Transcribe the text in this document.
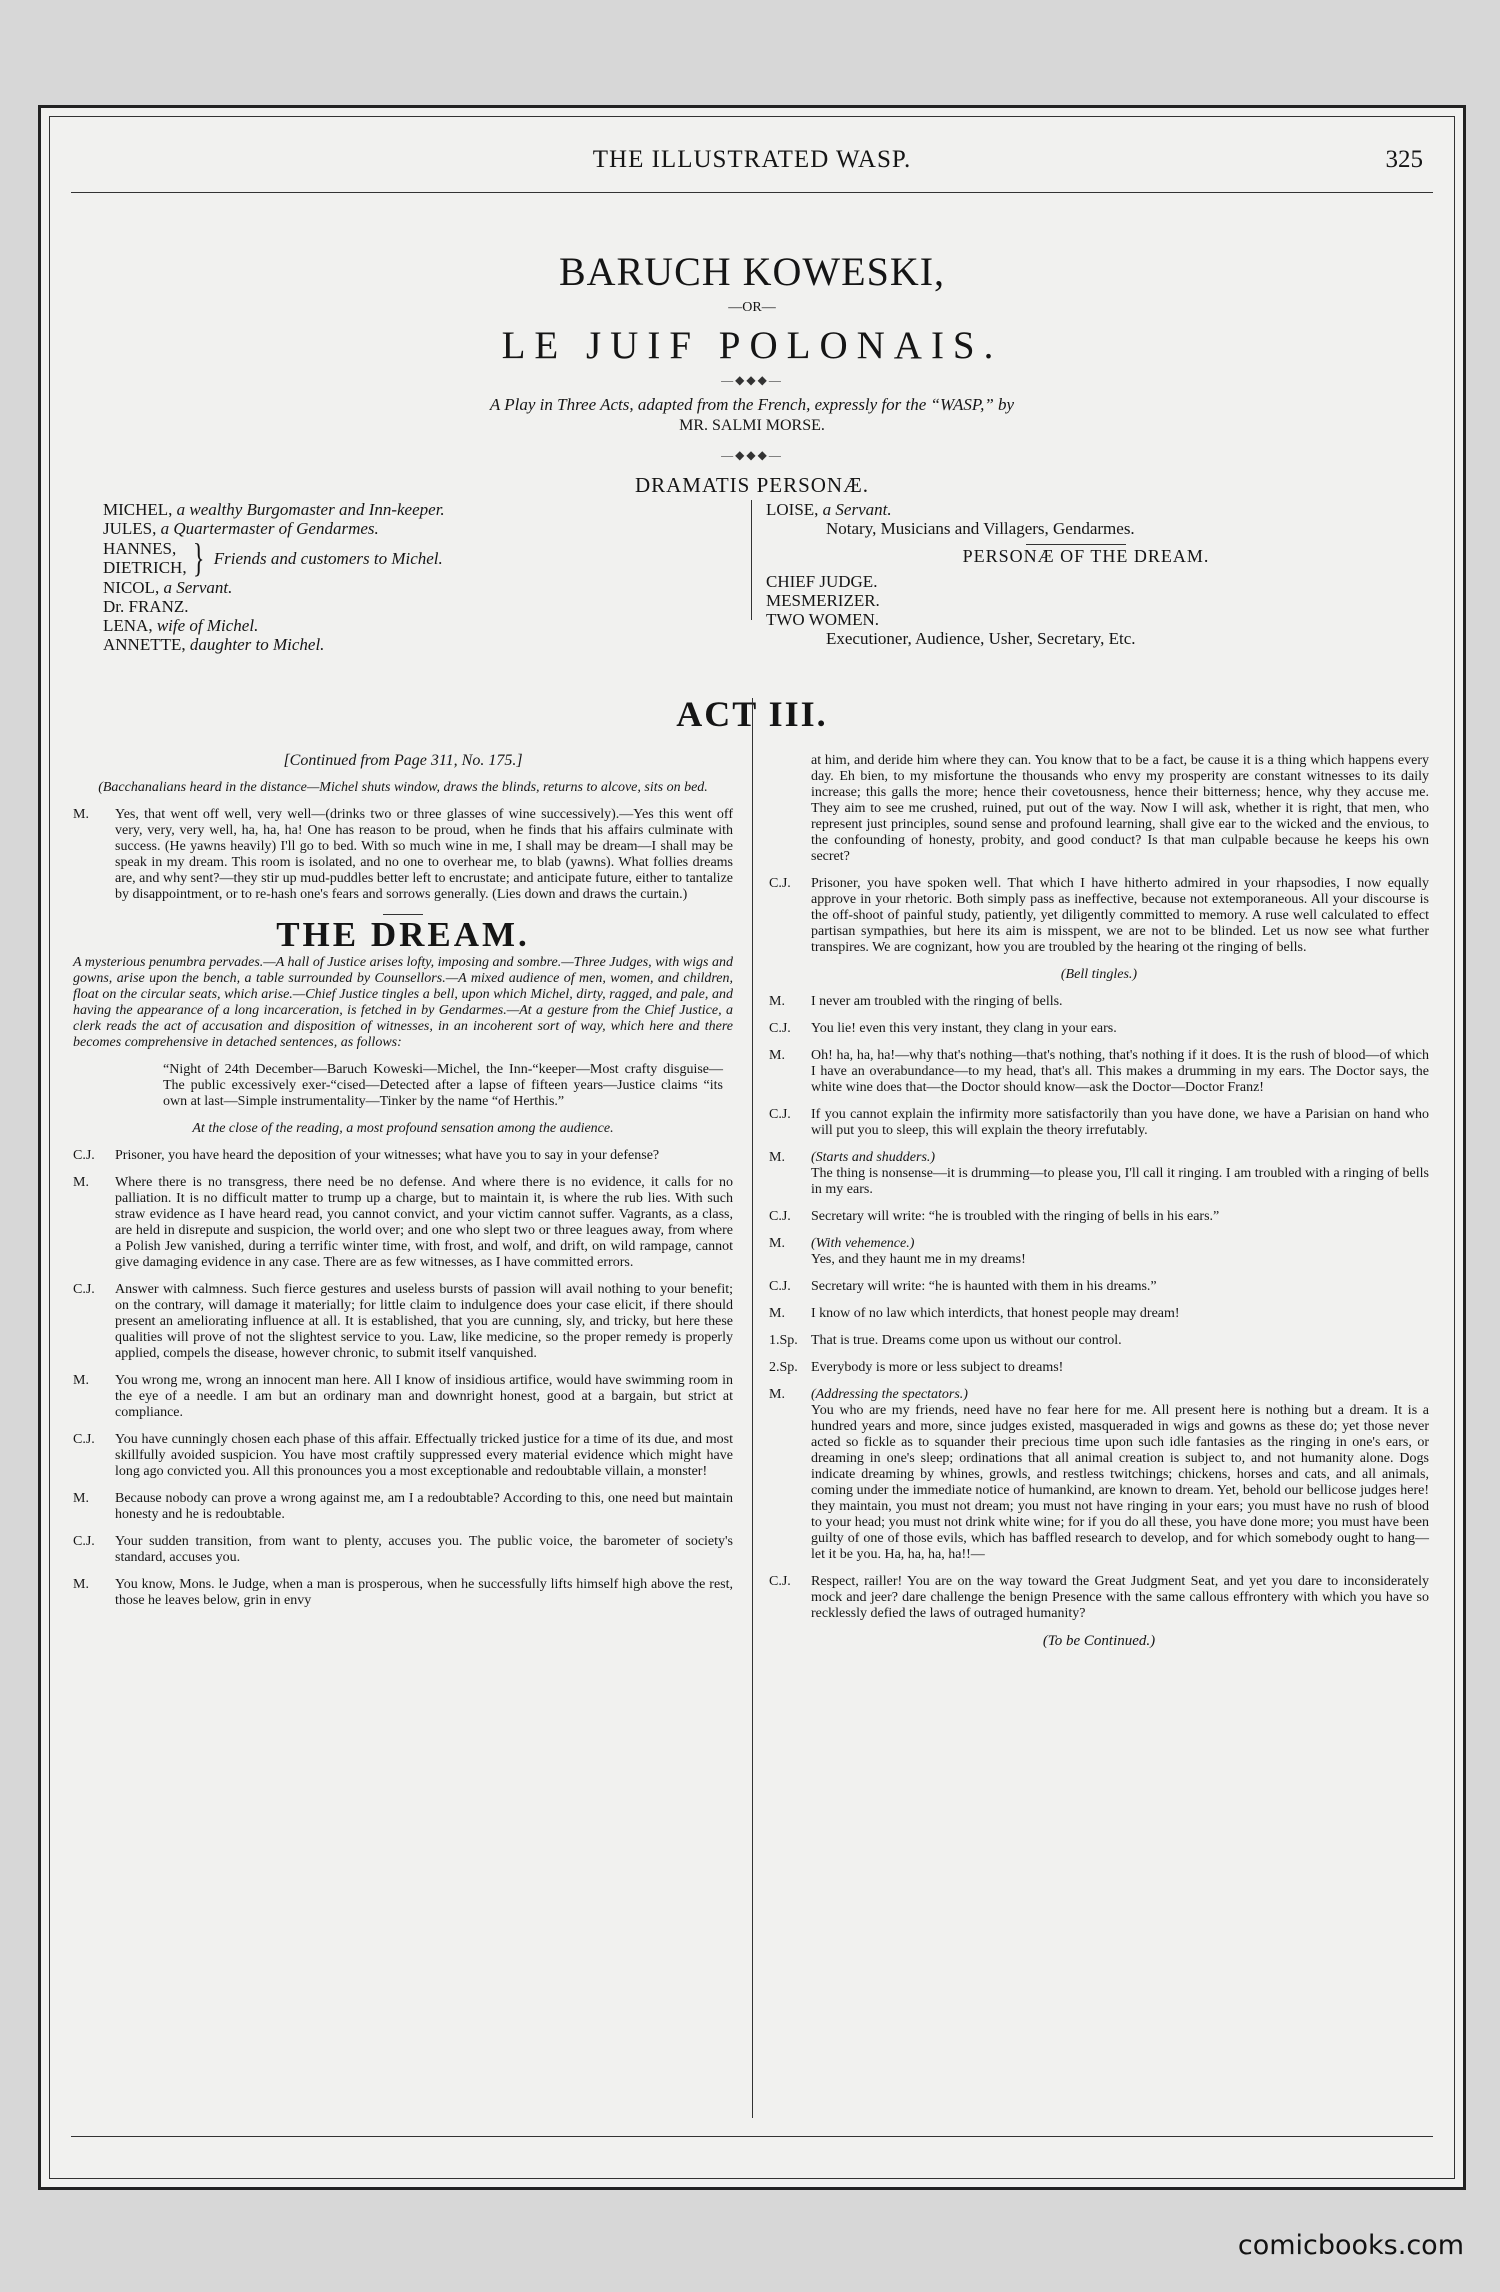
THE ILLUSTRATED WASP.	325
BARUCH KOWESKI,
—OR—
LE JUIF POLONAIS.
—◆◆◆—
A Play in Three Acts, adapted from the French, expressly for the “WASP,” by
MR. SALMI MORSE.
—◆◆◆—
DRAMATIS PERSONÆ.
MICHEL, a wealthy Burgomaster and Inn-keeper.
JULES, a Quartermaster of Gendarmes.
HANNES,
DIETRICH, } Friends and customers to Michel.
NICOL, a Servant.
Dr. FRANZ.
LENA, wife of Michel.
ANNETTE, daughter to Michel.
LOISE, a Servant.
Notary, Musicians and Villagers, Gendarmes.
PERSONÆ OF THE DREAM.
CHIEF JUDGE.
MESMERIZER.
TWO WOMEN.
Executioner, Audience, Usher, Secretary, Etc.
ACT III.

[Continued from Page 311, No. 175.]

(Bacchanalians heard in the distance—Michel shuts window, draws the blinds, returns to alcove, sits on bed.

M.	Yes, that went off well, very well—(drinks two or three glasses of wine successively).—Yes this went off very, very, very well, ha, ha, ha! One has reason to be proud, when he finds that his affairs culminate with success. (He yawns heavily) I'll go to bed. With so much wine in me, I shall may be dream—I shall may be speak in my dream. This room is isolated, and no one to overhear me, to blab (yawns). What follies dreams are, and why sent?—they stir up mud-puddles better left to encrustate; and anticipate future, either to tantalize by disappointment, or to re-hash one's fears and sorrows generally. (Lies down and draws the curtain.)
THE DREAM.

A mysterious penumbra pervades.—A hall of Justice arises lofty, imposing and sombre.—Three Judges, with wigs and gowns, arise upon the bench, a table surrounded by Counsellors.—A mixed audience of men, women, and children, float on the circular seats, which arise.—Chief Justice tingles a bell, upon which Michel, dirty, ragged, and pale, and having the appearance of a long incarceration, is fetched in by Gendarmes.—At a gesture from the Chief Justice, a clerk reads the act of accusation and disposition of witnesses, in an incoherent sort of way, which here and there becomes comprehensive in detached sentences, as follows:

“Night of 24th December—Baruch Koweski—Michel, the Inn-“keeper—Most crafty disguise—The public excessively exer-“cised—Detected after a lapse of fifteen years—Justice claims “its own at last—Simple instrumentality—Tinker by the name “of Herthis.”

At the close of the reading, a most profound sensation among the audience.

C.J.	Prisoner, you have heard the deposition of your witnesses; what have you to say in your defense?
M.	Where there is no transgress, there need be no defense. And where there is no evidence, it calls for no palliation. It is no difficult matter to trump up a charge, but to maintain it, is where the rub lies. With such straw evidence as I have heard read, you cannot convict, and your victim cannot suffer. Vagrants, as a class, are held in disrepute and suspicion, the world over; and one who slept two or three leagues away, from where a Polish Jew vanished, during a terrific winter time, with frost, and wolf, and drift, on wild rampage, cannot give damaging evidence in any case. There are as few witnesses, as I have committed errors.
C.J.	Answer with calmness. Such fierce gestures and useless bursts of passion will avail nothing to your benefit; on the contrary, will damage it materially; for little claim to indulgence does your case elicit, if there should present an ameliorating influence at all. It is established, that you are cunning, sly, and tricky, but here these qualities will prove of not the slightest service to you. Law, like medicine, so the proper remedy is properly applied, compels the disease, however chronic, to submit itself vanquished.
M.	You wrong me, wrong an innocent man here. All I know of insidious artifice, would have swimming room in the eye of a needle. I am but an ordinary man and downright honest, good at a bargain, but strict at compliance.
C.J.	You have cunningly chosen each phase of this affair. Effectually tricked justice for a time of its due, and most skillfully avoided suspicion. You have most craftily suppressed every material evidence which might have long ago convicted you. All this pronounces you a most exceptionable and redoubtable villain, a monster!
M.	Because nobody can prove a wrong against me, am I a redoubtable? According to this, one need but maintain honesty and he is redoubtable.
C.J.	Your sudden transition, from want to plenty, accuses you. The public voice, the barometer of society's standard, accuses you.
M.	You know, Mons. le Judge, when a man is prosperous, when he successfully lifts himself high above the rest, those he leaves below, grin in envy

at him, and deride him where they can. You know that to be a fact, be cause it is a thing which happens every day. Eh bien, to my misfortune the thousands who envy my prosperity are constant witnesses to its daily increase; this galls the more; hence their covetousness, hence their bitterness; hence, why they accuse me. They aim to see me crushed, ruined, put out of the way. Now I will ask, whether it is right, that men, who represent just principles, sound sense and profound learning, shall give ear to the wicked and the envious, to the confounding of honesty, probity, and good conduct? Is that man culpable because he keeps his own secret?

C.J.	Prisoner, you have spoken well. That which I have hitherto admired in your rhapsodies, I now equally approve in your rhetoric. Both simply pass as ineffective, because not extemporaneous. All your discourse is the off-shoot of painful study, patiently, yet diligently committed to memory. A ruse well calculated to effect partisan sympathies, but here its aim is misspent, we are not to be blinded. Let us now see what further transpires. We are cognizant, how you are troubled by the hearing ot the ringing of bells.

(Bell tingles.)

M.	I never am troubled with the ringing of bells.
C.J.	You lie! even this very instant, they clang in your ears.
M.	Oh! ha, ha, ha!—why that's nothing—that's nothing, that's nothing if it does. It is the rush of blood—of which I have an overabundance—to my head, that's all. This makes a drumming in my ears. The Doctor says, the white wine does that—the Doctor should know—ask the Doctor—Doctor Franz!
C.J.	If you cannot explain the infirmity more satisfactorily than you have done, we have a Parisian on hand who will put you to sleep, this will explain the theory irrefutably.
M.	(Starts and shudders.)
The thing is nonsense—it is drumming—to please you, I'll call it ringing. I am troubled with a ringing of bells in my ears.
C.J.	Secretary will write: “he is troubled with the ringing of bells in his ears.”
M.	(With vehemence.)
Yes, and they haunt me in my dreams!
C.J.	Secretary will write: “he is haunted with them in his dreams.”
M.	I know of no law which interdicts, that honest people may dream!
1.Sp. That is true. Dreams come upon us without our control.
2.Sp. Everybody is more or less subject to dreams!
M.	(Addressing the spectators.)
You who are my friends, need have no fear here for me. All present here is nothing but a dream. It is a hundred years and more, since judges existed, masqueraded in wigs and gowns as these do; yet those never acted so fickle as to squander their precious time upon such idle fantasies as the ringing in one's ears, or dreaming in one's sleep; ordinations that all animal creation is subject to, and not humanity alone. Dogs indicate dreaming by whines, growls, and restless twitchings; chickens, horses and cats, and all animals, coming under the immediate notice of humankind, are known to dream. Yet, behold our bellicose judges here! they maintain, you must not dream; you must not have ringing in your ears; you must have no rush of blood to your head; you must not drink white wine; for if you do all these, you have done more; you must have been guilty of one of those evils, which has baffled research to develop, and for which somebody ought to hang—let it be you. Ha, ha, ha, ha!!—
C.J.	Respect, railler! You are on the way toward the Great Judgment Seat, and yet you dare to inconsiderately mock and jeer? dare challenge the benign Presence with the same callous effrontery with which you have so recklessly defied the laws of outraged humanity?

(To be Continued.)

comicbooks.com
